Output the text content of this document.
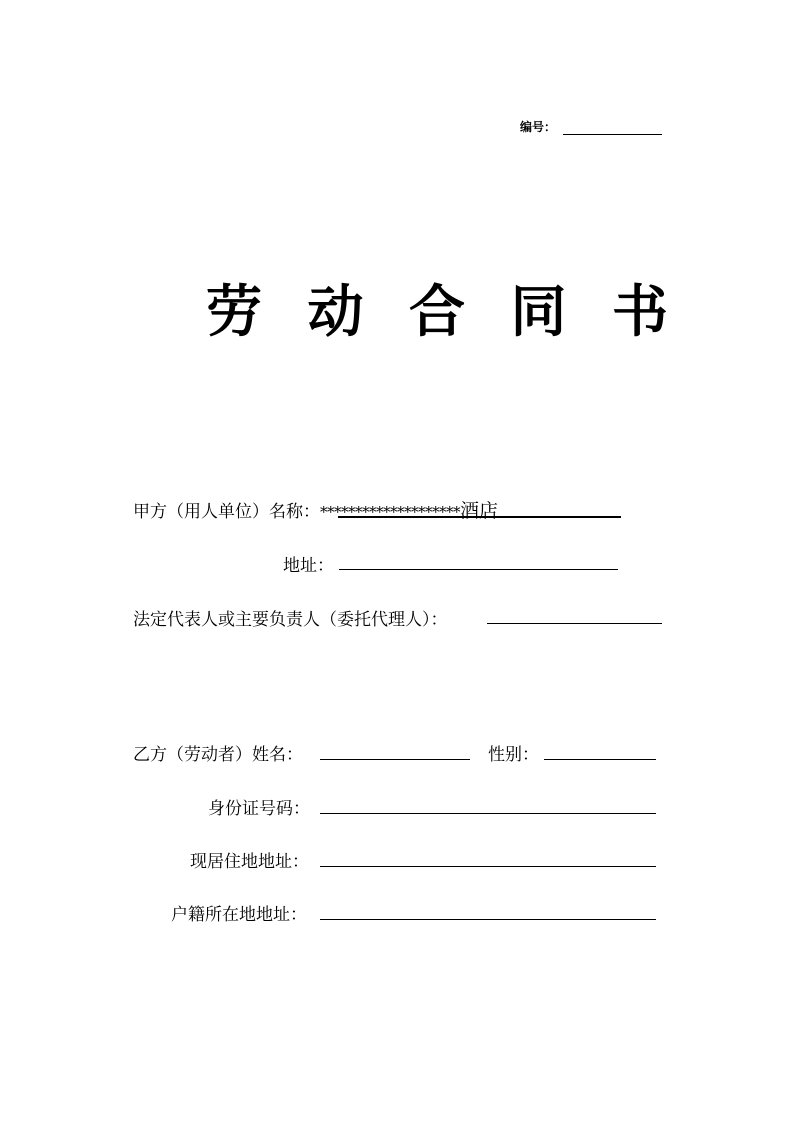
编号：
劳 动 合 同 书
甲方（用人单位）名称：********************酒店
地址：
法定代表人或主要负责人（委托代理人）：
乙方（劳动者）姓名：	性别：
身份证号码：
现居住地地址：
户籍所在地地址：
